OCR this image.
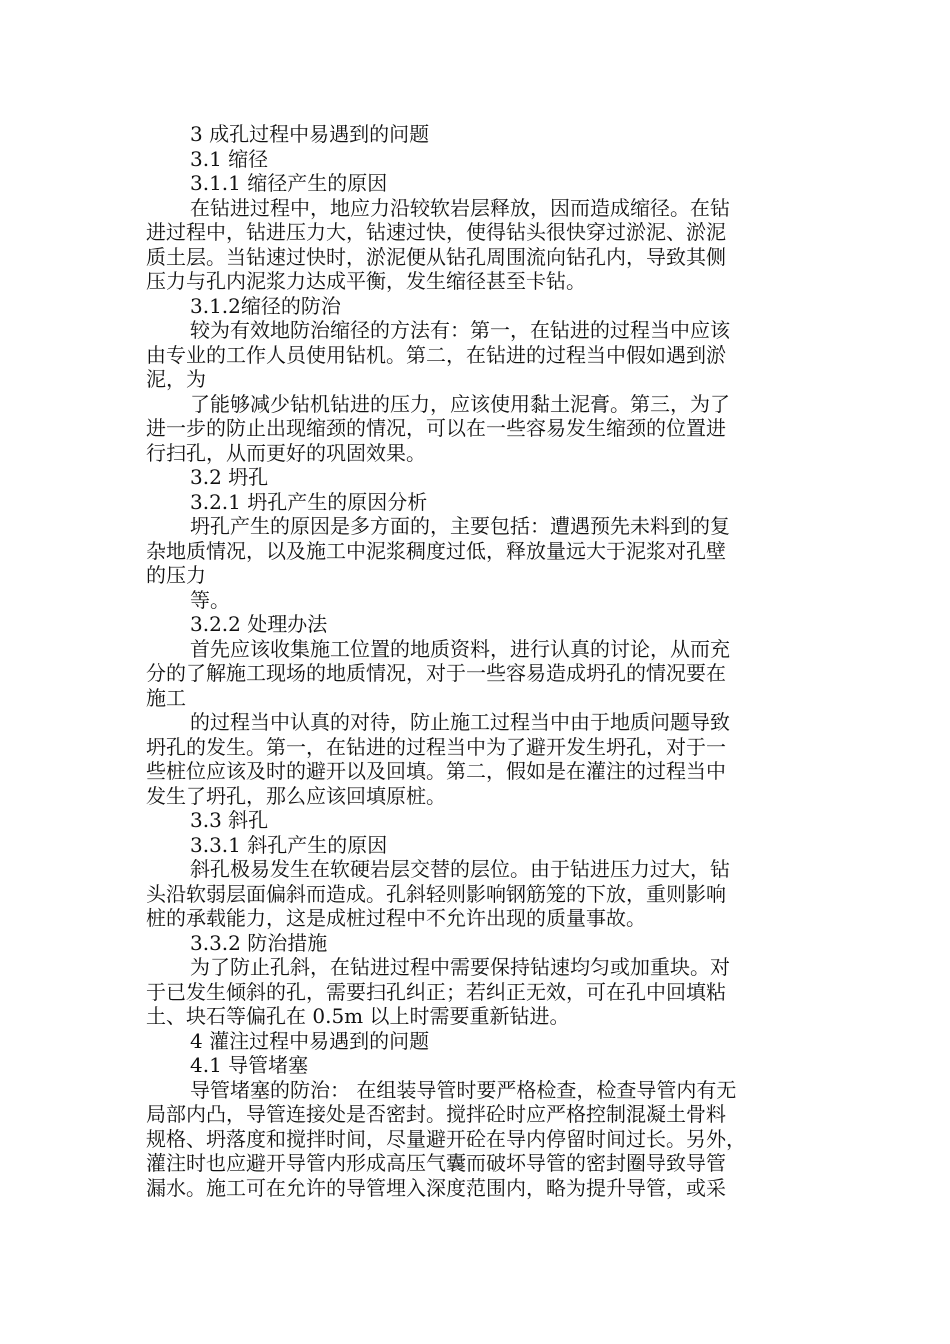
3 成孔过程中易遇到的问题
3.1 缩径
3.1.1 缩径产生的原因
在钻进过程中，地应力沿较软岩层释放，因而造成缩径。在钻
进过程中，钻进压力大，钻速过快，使得钻头很快穿过淤泥、淤泥
质土层。当钻速过快时，淤泥便从钻孔周围流向钻孔内，导致其侧
压力与孔内泥浆力达成平衡，发生缩径甚至卡钻。
3.1.2缩径的防治
较为有效地防治缩径的方法有：第一，在钻进的过程当中应该
由专业的工作人员使用钻机。第二，在钻进的过程当中假如遇到淤
泥，为
了能够减少钻机钻进的压力，应该使用黏土泥膏。第三，为了
进一步的防止出现缩颈的情况，可以在一些容易发生缩颈的位置进
行扫孔，从而更好的巩固效果。
3.2 坍孔
3.2.1 坍孔产生的原因分析
坍孔产生的原因是多方面的，主要包括：遭遇预先未料到的复
杂地质情况，以及施工中泥浆稠度过低，释放量远大于泥浆对孔壁
的压力
等。
3.2.2 处理办法
首先应该收集施工位置的地质资料，进行认真的讨论，从而充
分的了解施工现场的地质情况，对于一些容易造成坍孔的情况要在
施工
的过程当中认真的对待，防止施工过程当中由于地质问题导致
坍孔的发生。第一，在钻进的过程当中为了避开发生坍孔，对于一
些桩位应该及时的避开以及回填。第二，假如是在灌注的过程当中
发生了坍孔，那么应该回填原桩。
3.3 斜孔
3.3.1 斜孔产生的原因
斜孔极易发生在软硬岩层交替的层位。由于钻进压力过大，钻
头沿软弱层面偏斜而造成。孔斜轻则影响钢筋笼的下放，重则影响
桩的承载能力，这是成桩过程中不允许出现的质量事故。
3.3.2 防治措施
为了防止孔斜，在钻进过程中需要保持钻速均匀或加重块。对
于已发生倾斜的孔，需要扫孔纠正；若纠正无效，可在孔中回填粘
土、块石等偏孔在 0.5m 以上时需要重新钻进。
4 灌注过程中易遇到的问题
4.1 导管堵塞
导管堵塞的防治： 在组装导管时要严格检查，检查导管内有无
局部内凸，导管连接处是否密封。搅拌砼时应严格控制混凝土骨料
规格、坍落度和搅拌时间，尽量避开砼在导内停留时间过长。另外，
灌注时也应避开导管内形成高压气囊而破坏导管的密封圈导致导管
漏水。施工可在允许的导管埋入深度范围内，略为提升导管，或采
